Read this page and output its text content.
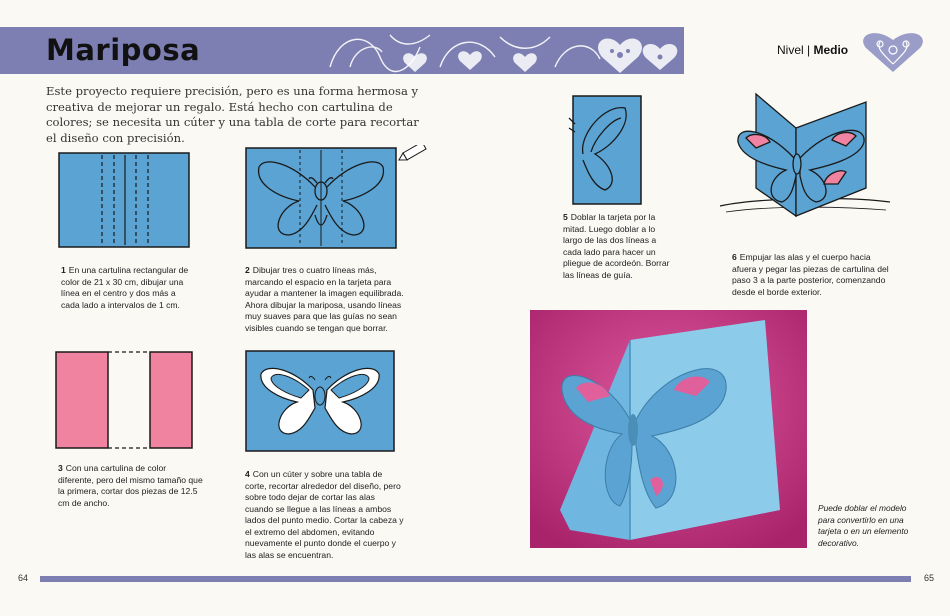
Mariposa	Nivel | Medio
Este proyecto requiere precisión, pero es una forma hermosa y creativa de mejorar un regalo. Está hecho con cartulina de colores; se necesita un cúter y una tabla de corte para recortar el diseño con precisión.
1 En una cartulina rectangular de color de 21 x 30 cm, dibujar una línea en el centro y dos más a cada lado a intervalos de 1 cm.
2 Dibujar tres o cuatro líneas más, marcando el espacio en la tarjeta para ayudar a mantener la imagen equilibrada. Ahora dibujar la mariposa, usando líneas muy suaves para que las guías no sean visibles cuando se tengan que borrar.
3 Con una cartulina de color diferente, pero del mismo tamaño que la primera, cortar dos piezas de 12.5 cm de ancho.
4 Con un cúter y sobre una tabla de corte, recortar alrededor del diseño, pero sobre todo dejar de cortar las alas cuando se llegue a las líneas a ambos lados del punto medio. Cortar la cabeza y el extremo del abdomen, evitando nuevamente el punto donde el cuerpo y las alas se encuentran.
5 Doblar la tarjeta por la mitad. Luego doblar a lo largo de las dos líneas a cada lado para hacer un pliegue de acordeón. Borrar las líneas de guía.
6 Empujar las alas y el cuerpo hacia afuera y pegar las piezas de cartulina del paso 3 a la parte posterior, comenzando desde el borde exterior.
Puede doblar el modelo para convertirlo en una tarjeta o en un elemento decorativo.
64	65
